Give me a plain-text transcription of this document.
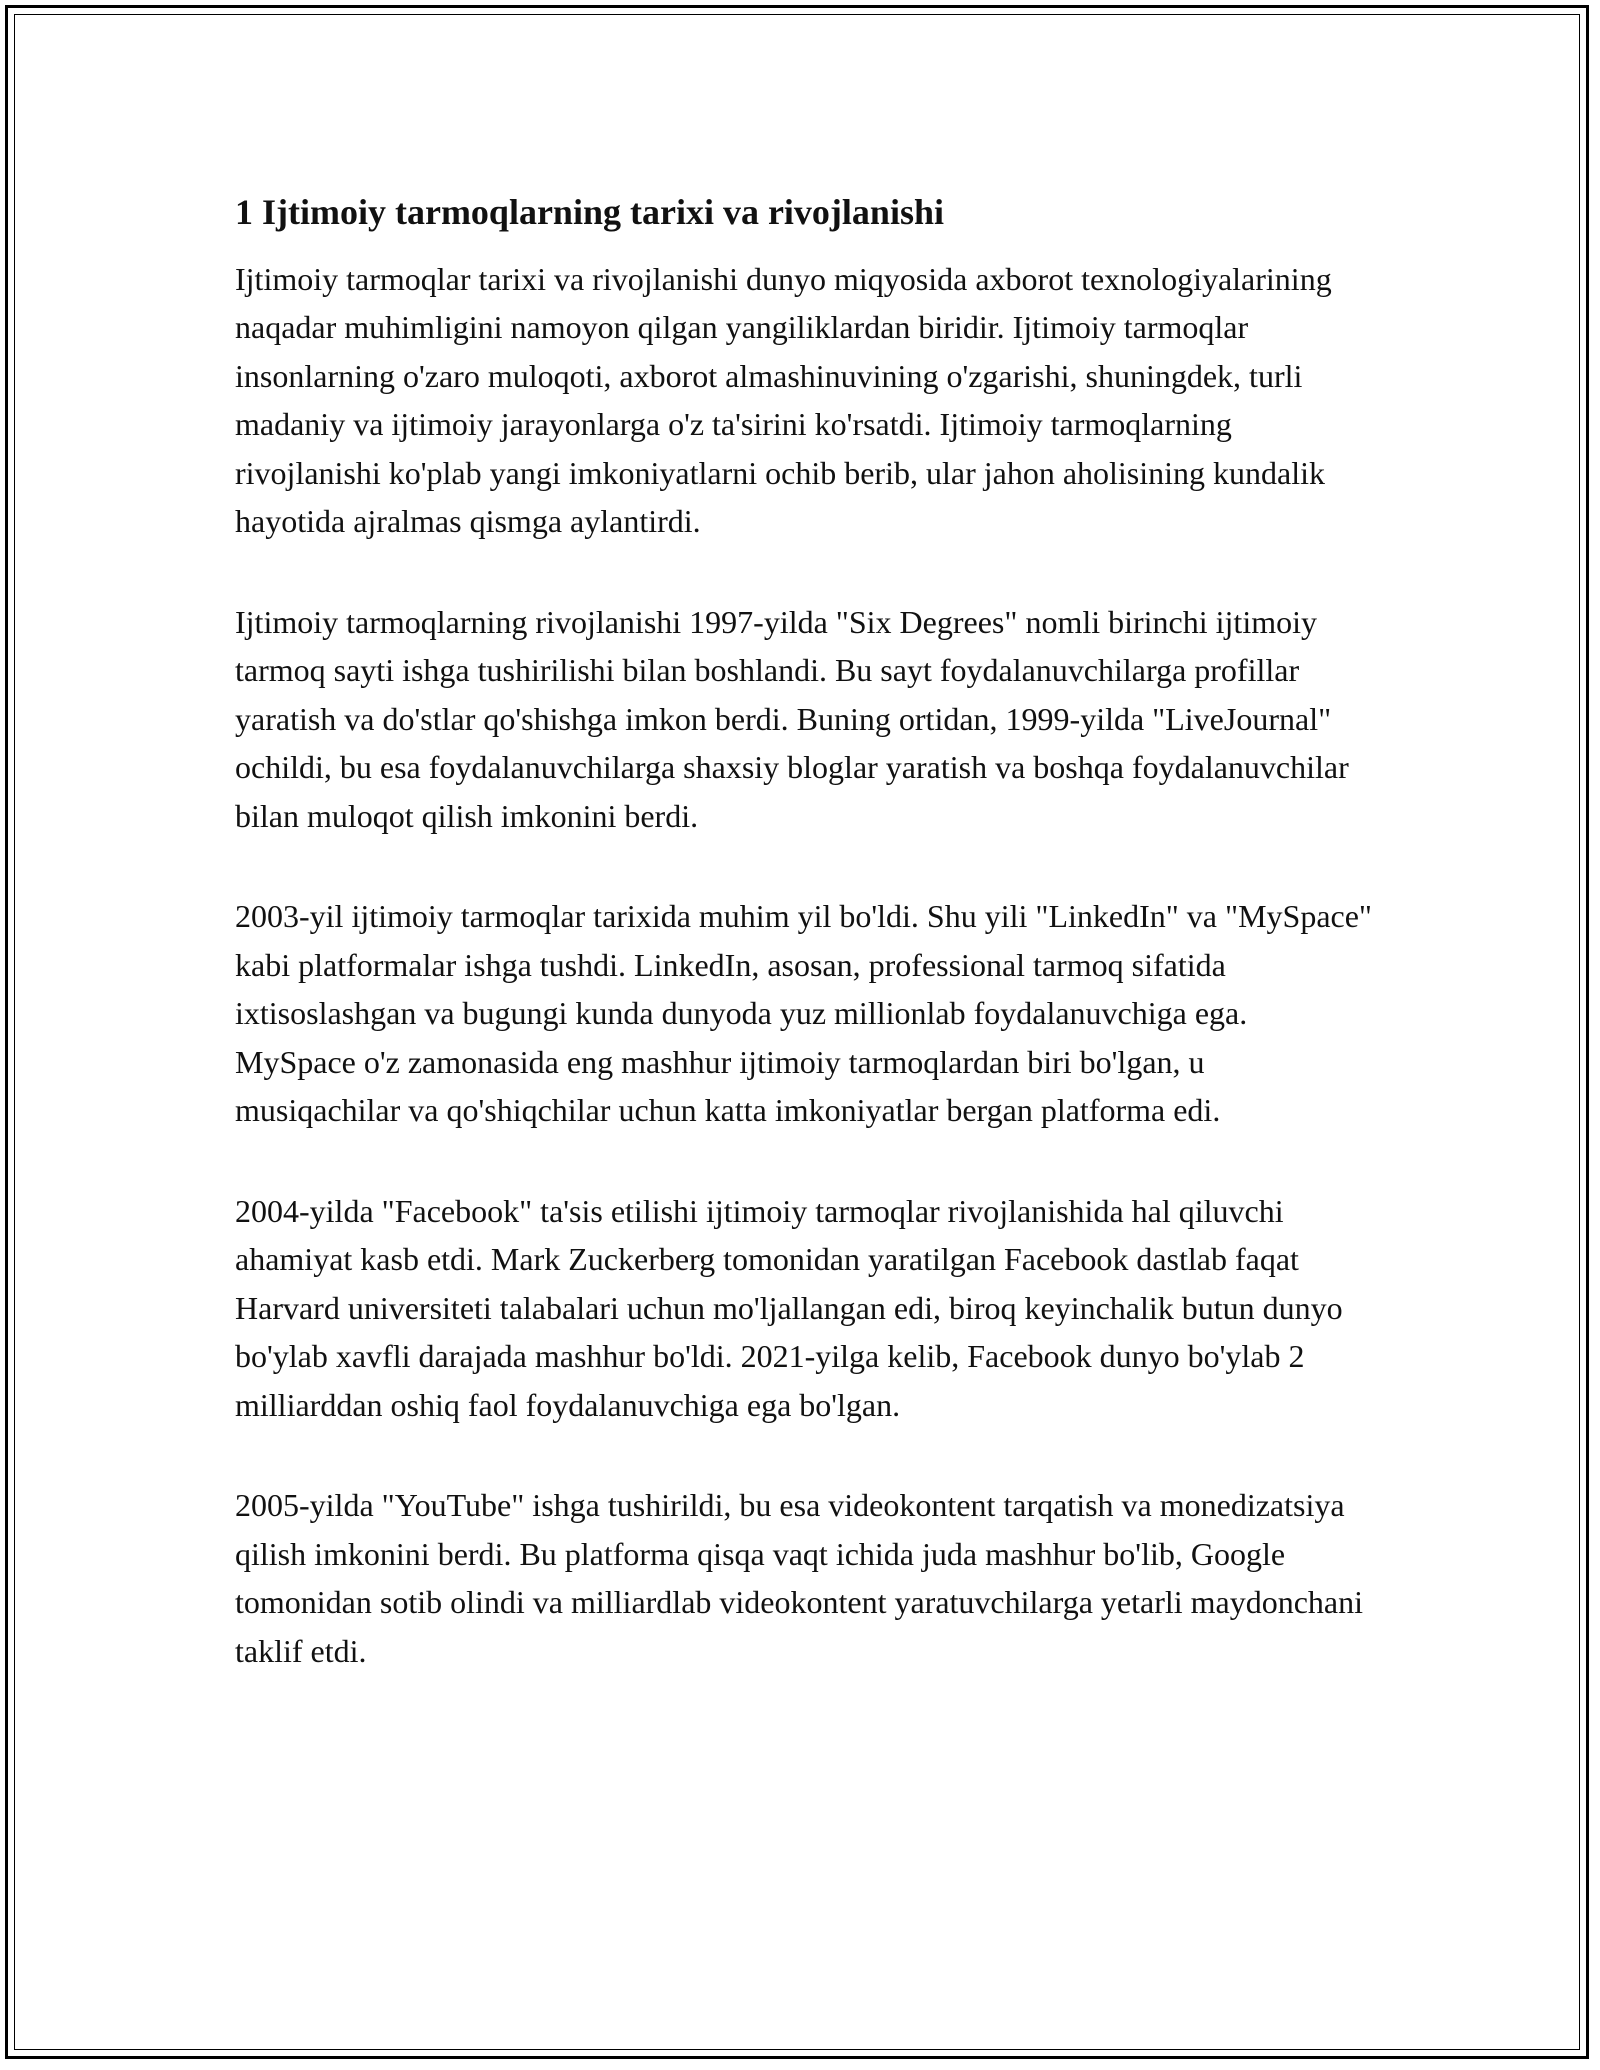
1 Ijtimoiy tarmoqlarning tarixi va rivojlanishi

Ijtimoiy tarmoqlar tarixi va rivojlanishi dunyo miqyosida axborot texnologiyalarining naqadar muhimligini namoyon qilgan yangiliklardan biridir. Ijtimoiy tarmoqlar insonlarning o'zaro muloqoti, axborot almashinuvining o'zgarishi, shuningdek, turli madaniy va ijtimoiy jarayonlarga o'z ta'sirini ko'rsatdi. Ijtimoiy tarmoqlarning rivojlanishi ko'plab yangi imkoniyatlarni ochib berib, ular jahon aholisining kundalik hayotida ajralmas qismga aylantirdi.

Ijtimoiy tarmoqlarning rivojlanishi 1997-yilda "Six Degrees" nomli birinchi ijtimoiy tarmoq sayti ishga tushirilishi bilan boshlandi. Bu sayt foydalanuvchilarga profillar yaratish va do'stlar qo'shishga imkon berdi. Buning ortidan, 1999-yilda "LiveJournal" ochildi, bu esa foydalanuvchilarga shaxsiy bloglar yaratish va boshqa foydalanuvchilar bilan muloqot qilish imkonini berdi.

2003-yil ijtimoiy tarmoqlar tarixida muhim yil bo'ldi. Shu yili "LinkedIn" va "MySpace" kabi platformalar ishga tushdi. LinkedIn, asosan, professional tarmoq sifatida ixtisoslashgan va bugungi kunda dunyoda yuz millionlab foydalanuvchiga ega. MySpace o'z zamonasida eng mashhur ijtimoiy tarmoqlardan biri bo'lgan, u musiqachilar va qo'shiqchilar uchun katta imkoniyatlar bergan platforma edi.

2004-yilda "Facebook" ta'sis etilishi ijtimoiy tarmoqlar rivojlanishida hal qiluvchi ahamiyat kasb etdi. Mark Zuckerberg tomonidan yaratilgan Facebook dastlab faqat Harvard universiteti talabalari uchun mo'ljallangan edi, biroq keyinchalik butun dunyo bo'ylab xavfli darajada mashhur bo'ldi. 2021-yilga kelib, Facebook dunyo bo'ylab 2 milliarddan oshiq faol foydalanuvchiga ega bo'lgan.

2005-yilda "YouTube" ishga tushirildi, bu esa videokontent tarqatish va monedizatsiya qilish imkonini berdi. Bu platforma qisqa vaqt ichida juda mashhur bo'lib, Google tomonidan sotib olindi va milliardlab videokontent yaratuvchilarga yetarli maydonchani taklif etdi.
